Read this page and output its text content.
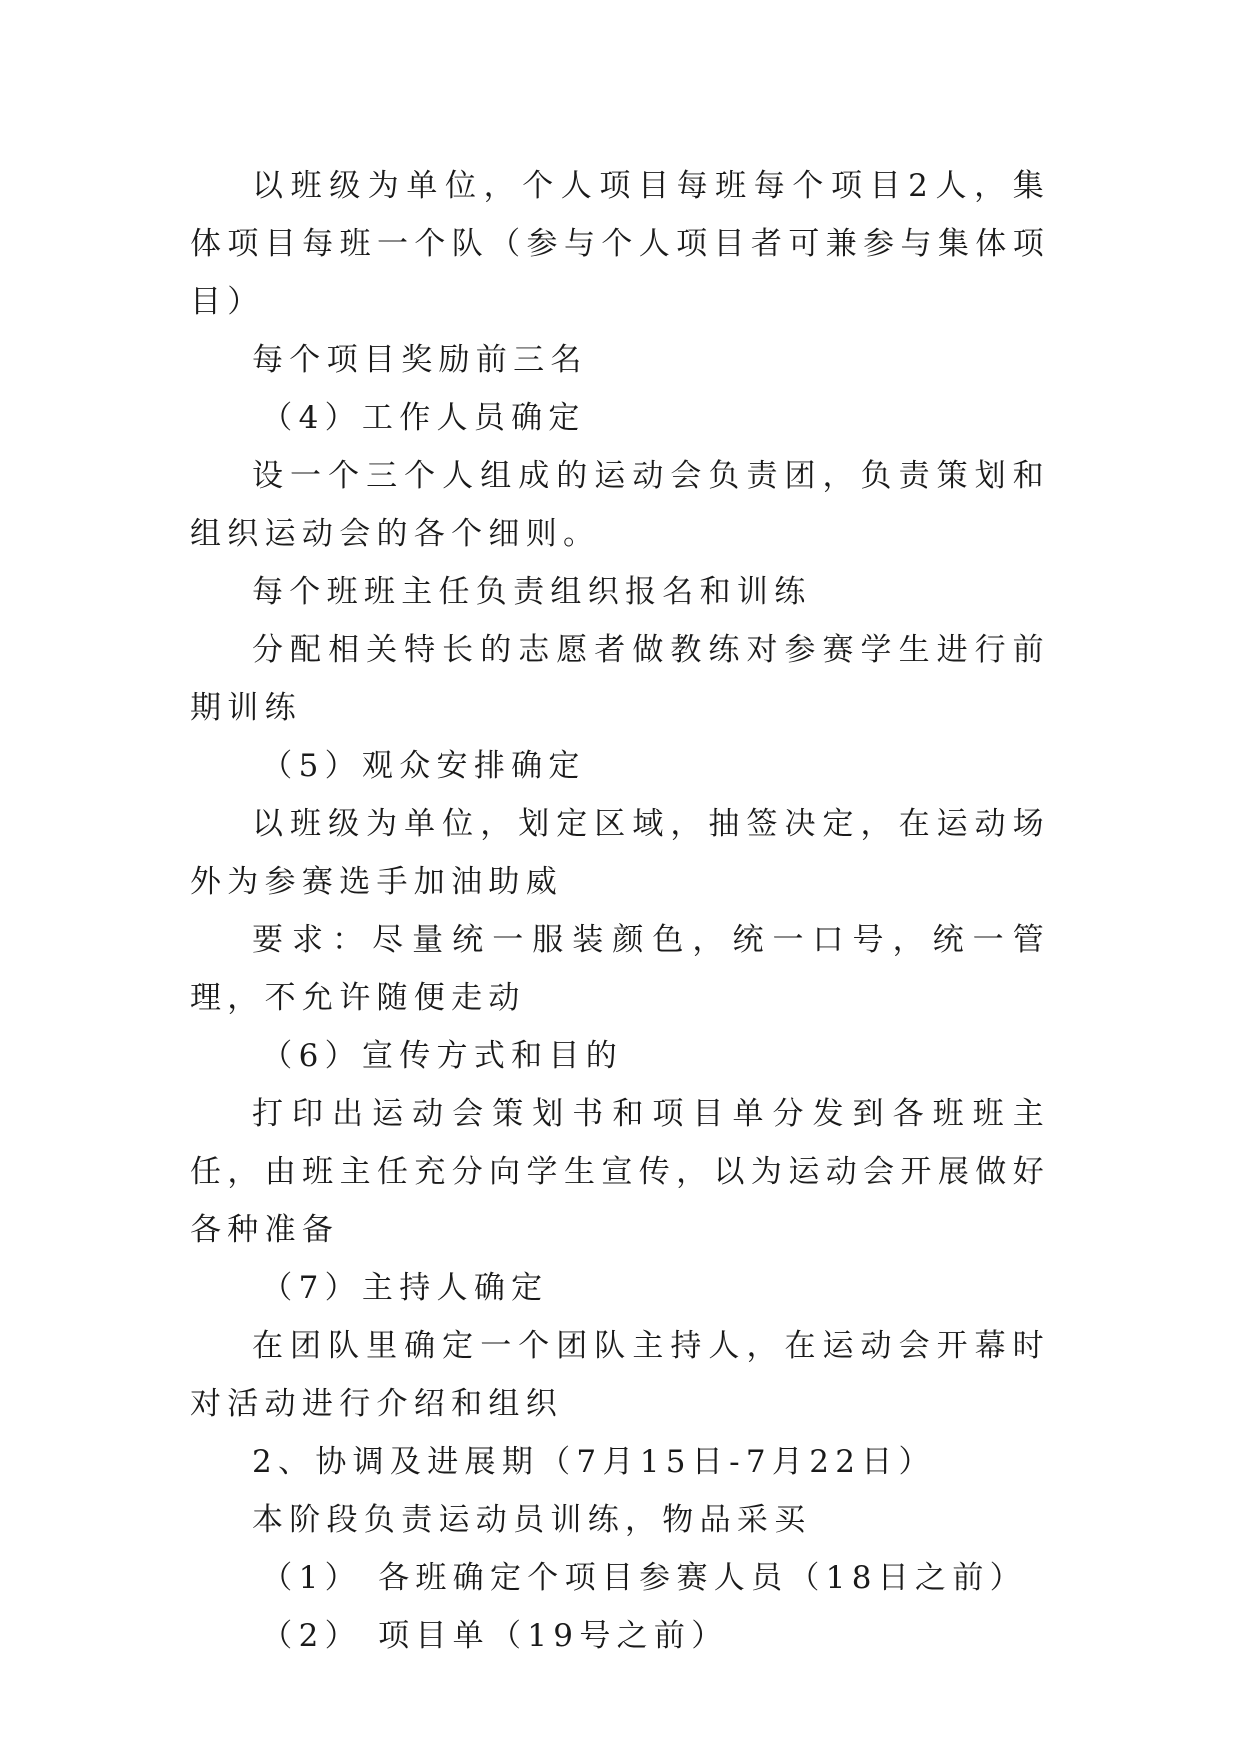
以班级为单位，个人项目每班每个项目2人，集体项目每班一个队（参与个人项目者可兼参与集体项目）

每个项目奖励前三名

（4）工作人员确定

设一个三个人组成的运动会负责团，负责策划和组织运动会的各个细则。

每个班班主任负责组织报名和训练

分配相关特长的志愿者做教练对参赛学生进行前期训练

（5）观众安排确定

以班级为单位，划定区域，抽签决定，在运动场外为参赛选手加油助威

要求：尽量统一服装颜色，统一口号，统一管理，不允许随便走动

（6）宣传方式和目的

打印出运动会策划书和项目单分发到各班班主任，由班主任充分向学生宣传，以为运动会开展做好各种准备

（7）主持人确定

在团队里确定一个团队主持人，在运动会开幕时对活动进行介绍和组织

2、协调及进展期（7月15日-7月22日）

本阶段负责运动员训练，物品采买

（1） 各班确定个项目参赛人员（18日之前）

（2） 项目单（19号之前）
